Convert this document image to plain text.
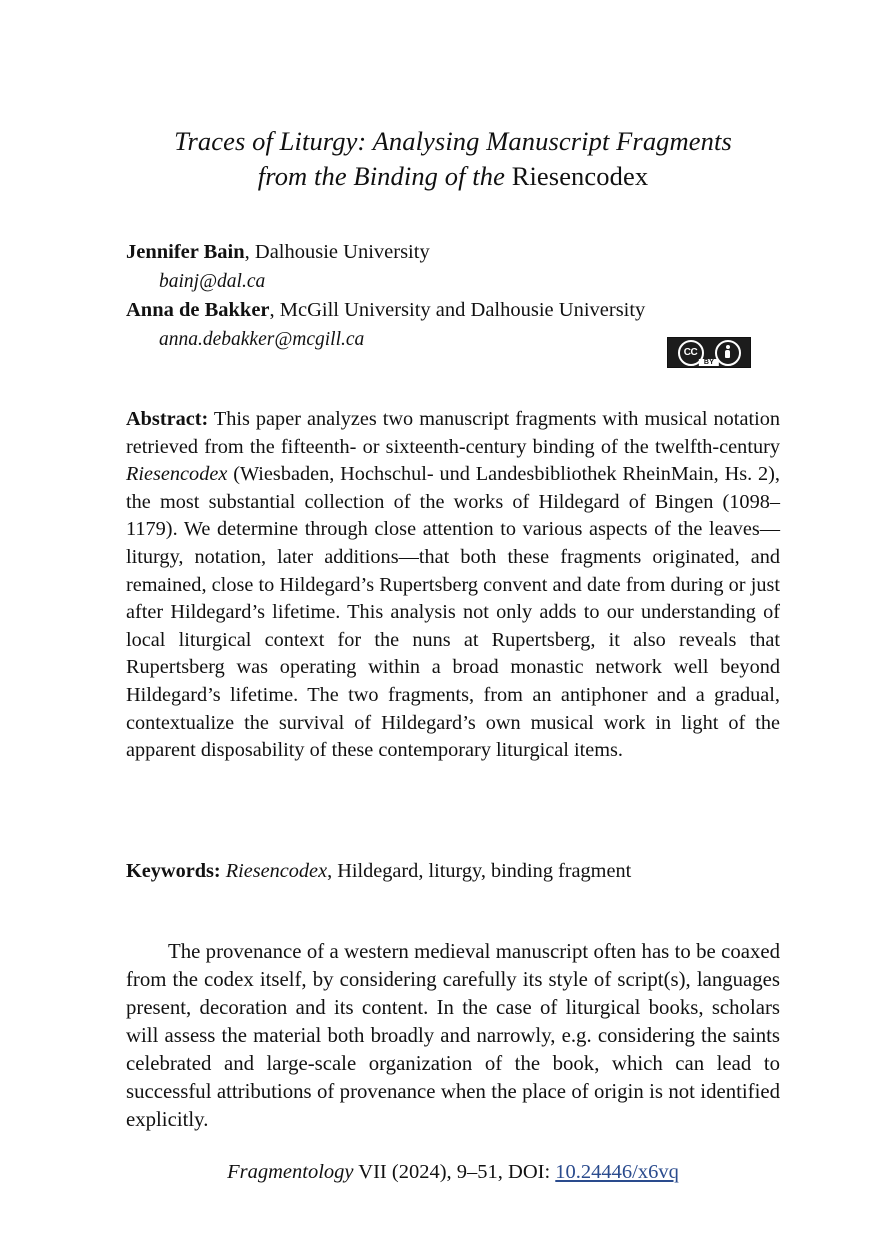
Traces of Liturgy: Analysing Manuscript Fragments
from the Binding of the Riesencodex
Jennifer Bain, Dalhousie University
bainj@dal.ca
Anna de Bakker, McGill University and Dalhousie University
anna.debakker@mcgill.ca
CC
BY
Abstract: This paper analyzes two manuscript fragments with musical notation retrieved from the fifteenth- or sixteenth-century binding of the twelfth-century Riesencodex (Wiesbaden, Hochschul- und Landesbibliothek RheinMain, Hs. 2), the most substantial collection of the works of Hildegard of Bingen (1098–1179). We determine through close attention to various aspects of the leaves—liturgy, notation, later additions—that both these fragments originated, and remained, close to Hildegard’s Rupertsberg convent and date from during or just after Hildegard’s lifetime. This analysis not only adds to our understanding of local liturgical context for the nuns at Rupertsberg, it also reveals that Rupertsberg was operating within a broad monastic network well beyond Hildegard’s lifetime. The two fragments, from an antiphoner and a gradual, contextualize the survival of Hildegard’s own musical work in light of the apparent disposability of these contemporary liturgical items.
Keywords: Riesencodex, Hildegard, liturgy, binding fragment
The provenance of a western medieval manuscript often has to be coaxed from the codex itself, by considering carefully its style of script(s), languages present, decoration and its content. In the case of liturgical books, scholars will assess the material both broadly and narrowly, e.g. considering the saints celebrated and large-scale organization of the book, which can lead to successful attributions of provenance when the place of origin is not identified explicitly.
Fragmentology VII (2024), 9–51, DOI: 10.24446/x6vq
